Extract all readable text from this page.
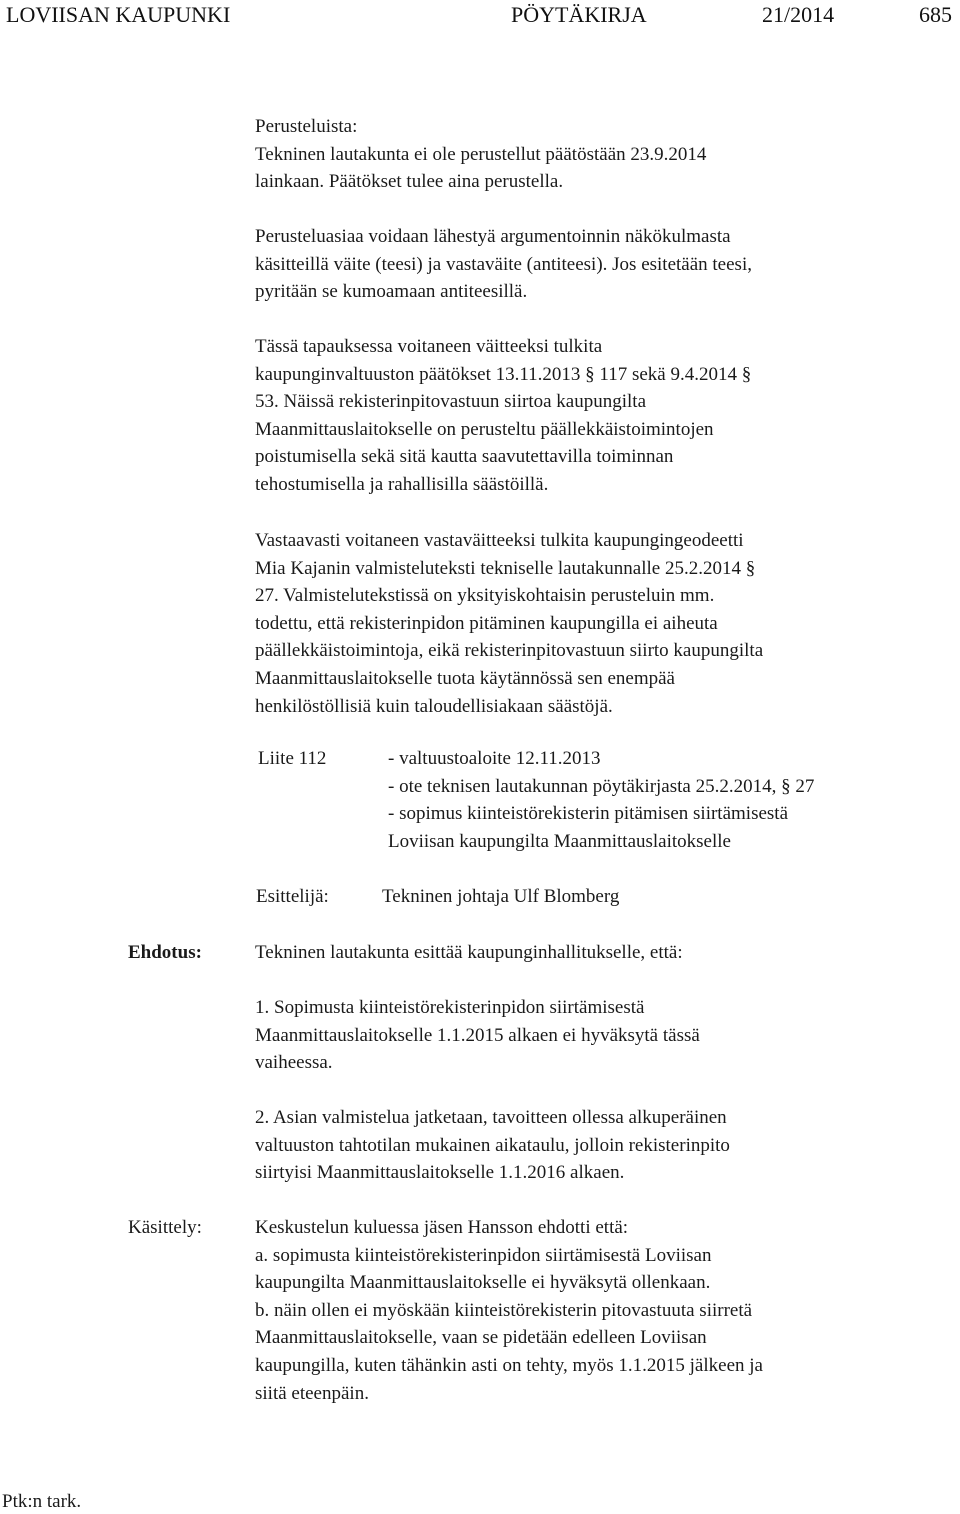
LOVIISAN KAUPUNKI	PÖYTÄKIRJA	21/2014	685
Perusteluista:
Tekninen lautakunta ei ole perustellut päätöstään 23.9.2014
lainkaan. Päätökset tulee aina perustella.
Perusteluasiaa voidaan lähestyä argumentoinnin näkökulmasta
käsitteillä väite (teesi) ja vastaväite (antiteesi). Jos esitetään teesi,
pyritään se kumoamaan antiteesillä.
Tässä tapauksessa voitaneen väitteeksi tulkita
kaupunginvaltuuston päätökset 13.11.2013 § 117 sekä 9.4.2014 §
53. Näissä rekisterinpitovastuun siirtoa kaupungilta
Maanmittauslaitokselle on perusteltu päällekkäistoimintojen
poistumisella sekä sitä kautta saavutettavilla toiminnan
tehostumisella ja rahallisilla säästöillä.
Vastaavasti voitaneen vastaväitteeksi tulkita kaupungingeodeetti
Mia Kajanin valmisteluteksti tekniselle lautakunnalle 25.2.2014 §
27. Valmistelutekstissä on yksityiskohtaisin perusteluin mm.
todettu, että rekisterinpidon pitäminen kaupungilla ei aiheuta
päällekkäistoimintoja, eikä rekisterinpitovastuun siirto kaupungilta
Maanmittauslaitokselle tuota käytännössä sen enempää
henkilöstöllisiä kuin taloudellisiakaan säästöjä.
Liite 112	- valtuustoaloite 12.11.2013
- ote teknisen lautakunnan pöytäkirjasta 25.2.2014, § 27
- sopimus kiinteistörekisterin pitämisen siirtämisestä
Loviisan kaupungilta Maanmittauslaitokselle
Esittelijä:	Tekninen johtaja Ulf Blomberg
Ehdotus:	Tekninen lautakunta esittää kaupunginhallitukselle, että:
1. Sopimusta kiinteistörekisterinpidon siirtämisestä
Maanmittauslaitokselle 1.1.2015 alkaen ei hyväksytä tässä
vaiheessa.
2. Asian valmistelua jatketaan, tavoitteen ollessa alkuperäinen
valtuuston tahtotilan mukainen aikataulu, jolloin rekisterinpito
siirtyisi Maanmittauslaitokselle 1.1.2016 alkaen.
Käsittely:	Keskustelun kuluessa jäsen Hansson ehdotti että:
a. sopimusta kiinteistörekisterinpidon siirtämisestä Loviisan
kaupungilta Maanmittauslaitokselle ei hyväksytä ollenkaan.
b. näin ollen ei myöskään kiinteistörekisterin pitovastuuta siirretä
Maanmittauslaitokselle, vaan se pidetään edelleen Loviisan
kaupungilla, kuten tähänkin asti on tehty, myös 1.1.2015 jälkeen ja
siitä eteenpäin.
Ptk:n tark.
